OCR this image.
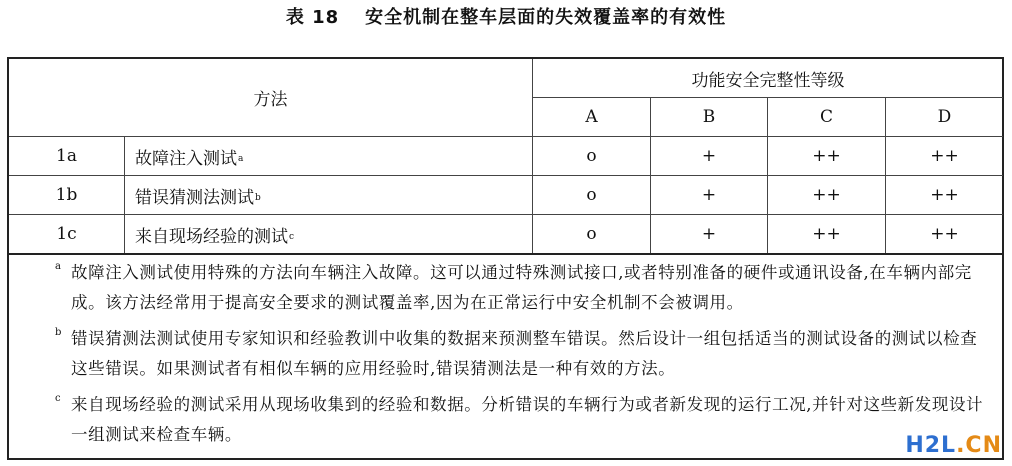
表 18 安全机制在整车层面的失效覆盖率的有效性
方法
功能安全完整性等级
A	B	C	D
1a	故障注入测试$^a$	o	+	++	++
1b	错误猜测法测试$^b$	o	+	++	++
1c	来自现场经验的测试$^c$	o	+	++	++
a 故障注入测试使用特殊的方法向车辆注入故障。这可以通过特殊测试接口,或者特别准备的硬件或通讯设备,在车辆内部完成。该方法经常用于提高安全要求的测试覆盖率,因为在正常运行中安全机制不会被调用。
b 错误猜测法测试使用专家知识和经验教训中收集的数据来预测整车错误。然后设计一组包括适当的测试设备的测试以检查这些错误。如果测试者有相似车辆的应用经验时,错误猜测法是一种有效的方法。
c 来自现场经验的测试采用从现场收集到的经验和数据。分析错误的车辆行为或者新发现的运行工况,并针对这些新发现设计一组测试来检查车辆。	H2L.CN
